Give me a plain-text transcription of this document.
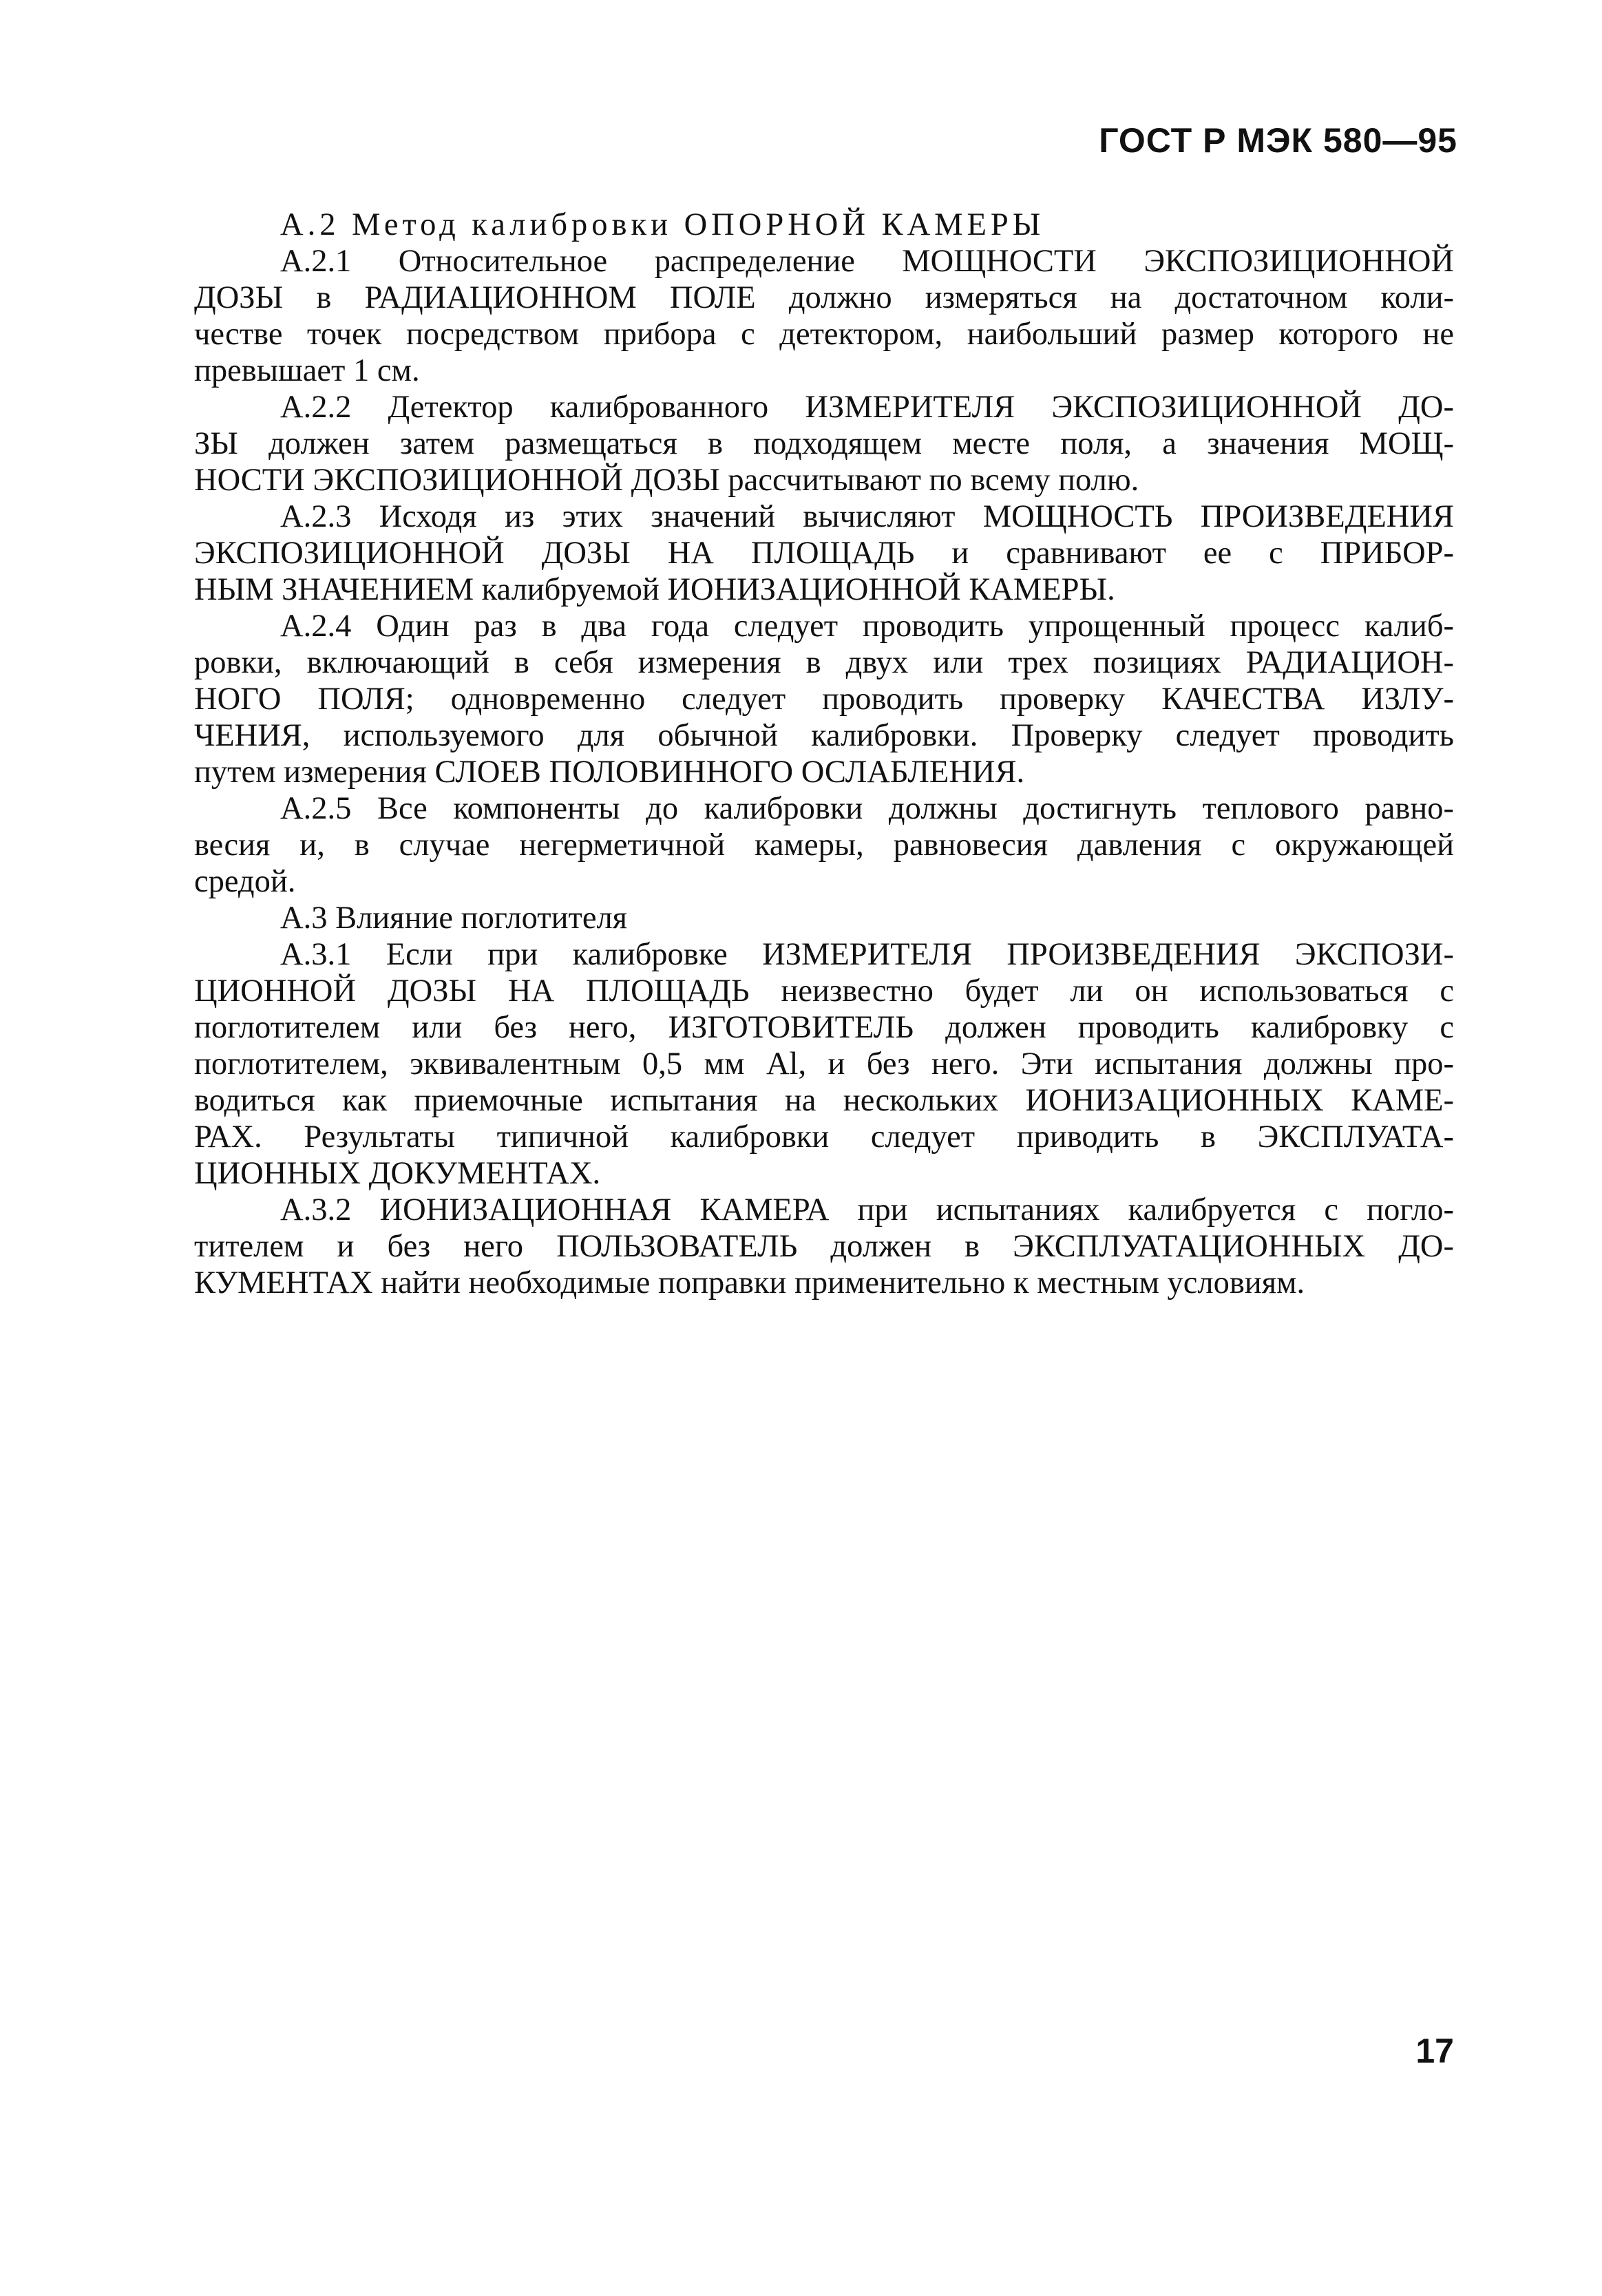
ГОСТ Р МЭК 580—95
A.2 Метод калибровки ОПОРНОЙ КАМЕРЫ
А.2.1 Относительное распределение МОЩНОСТИ ЭКСПОЗИЦИОННОЙ
ДОЗЫ в РАДИАЦИОННОМ ПОЛЕ должно измеряться на достаточном коли-
честве точек посредством прибора с детектором, наибольший размер которого не
превышает 1 см.
А.2.2 Детектор калиброванного ИЗМЕРИТЕЛЯ ЭКСПОЗИЦИОННОЙ ДО-
ЗЫ должен затем размещаться в подходящем месте поля, а значения МОЩ-
НОСТИ ЭКСПОЗИЦИОННОЙ ДОЗЫ рассчитывают по всему полю.
А.2.3 Исходя из этих значений вычисляют МОЩНОСТЬ ПРОИЗВЕДЕНИЯ
ЭКСПОЗИЦИОННОЙ ДОЗЫ НА ПЛОЩАДЬ и сравнивают ее с ПРИБОР-
НЫМ ЗНАЧЕНИЕМ калибруемой ИОНИЗАЦИОННОЙ КАМЕРЫ.
А.2.4 Один раз в два года следует проводить упрощенный процесс калиб-
ровки, включающий в себя измерения в двух или трех позициях РАДИАЦИОН-
НОГО ПОЛЯ; одновременно следует проводить проверку КАЧЕСТВА ИЗЛУ-
ЧЕНИЯ, используемого для обычной калибровки. Проверку следует проводить
путем измерения СЛОЕВ ПОЛОВИННОГО ОСЛАБЛЕНИЯ.
А.2.5 Все компоненты до калибровки должны достигнуть теплового равно-
весия и, в случае негерметичной камеры, равновесия давления с окружающей
средой.
А.3 Влияние поглотителя
А.3.1 Если при калибровке ИЗМЕРИТЕЛЯ ПРОИЗВЕДЕНИЯ ЭКСПОЗИ-
ЦИОННОЙ ДОЗЫ НА ПЛОЩАДЬ неизвестно будет ли он использоваться с
поглотителем или без него, ИЗГОТОВИТЕЛЬ должен проводить калибровку с
поглотителем, эквивалентным 0,5 мм Al, и без него. Эти испытания должны про-
водиться как приемочные испытания на нескольких ИОНИЗАЦИОННЫХ КАМЕ-
РАХ. Результаты типичной калибровки следует приводить в ЭКСПЛУАТА-
ЦИОННЫХ ДОКУМЕНТАХ.
А.3.2 ИОНИЗАЦИОННАЯ КАМЕРА при испытаниях калибруется с погло-
тителем и без него ПОЛЬЗОВАТЕЛЬ должен в ЭКСПЛУАТАЦИОННЫХ ДО-
КУМЕНТАХ найти необходимые поправки применительно к местным условиям.
17
